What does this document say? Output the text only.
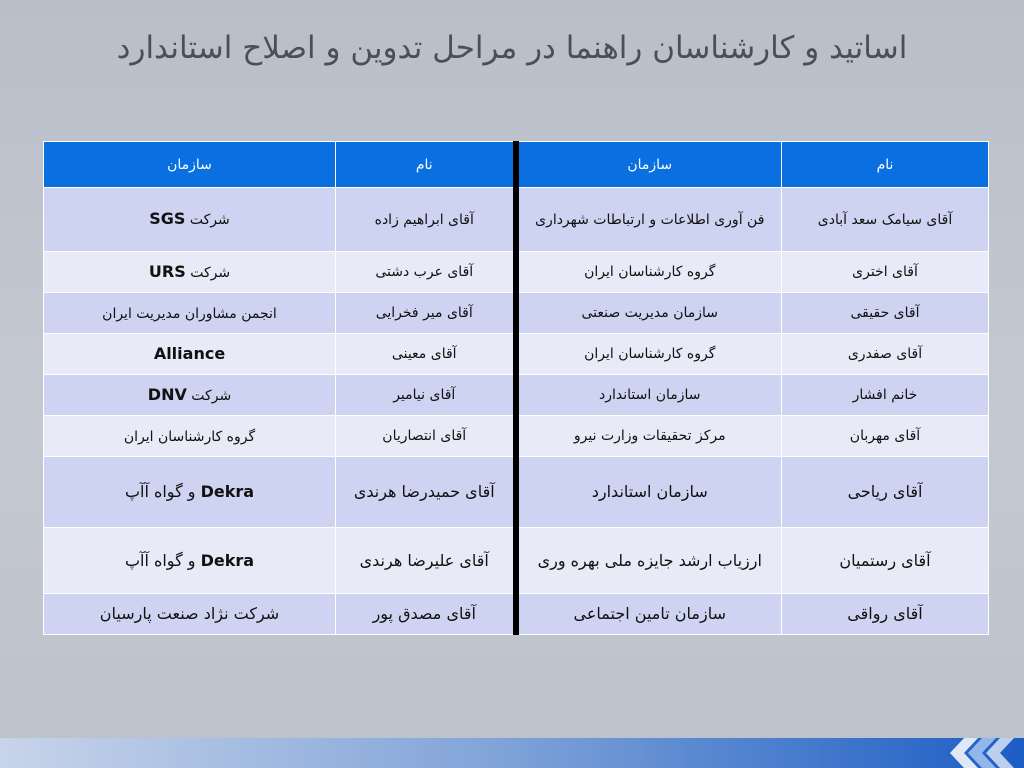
اساتید و کارشناسان راهنما در مراحل تدوین و اصلاح استاندارد
نام	سازمان	نام	سازمان
آقای سیامک سعد آبادی	فن آوری اطلاعات و ارتباطات شهرداری	آقای ابراهیم زاده	شرکت SGS
آقای اختری	گروه کارشناسان ایران	آقای عرب دشتی	شرکت URS
آقای حقیقی	سازمان مدیریت صنعتی	آقای میر فخرایی	انجمن مشاوران مدیریت ایران
آقای صفدری	گروه کارشناسان ایران	آقای معینی	Alliance
خانم افشار	سازمان استاندارد	آقای نیامیر	شرکت DNV
آقای مهربان	مرکز تحقیقات وزارت نیرو	آقای انتصاریان	گروه کارشناسان ایران
آقای ریاحی	سازمان استاندارد	آقای حمیدرضا هرندی	Dekra و گواه آآپ
آقای رستمیان	ارزیاب ارشد جایزه ملی بهره وری	آقای علیرضا هرندی	Dekra و گواه آآپ
آقای رواقی	سازمان تامین اجتماعی	آقای مصدق پور	شرکت نژاد صنعت پارسیان
